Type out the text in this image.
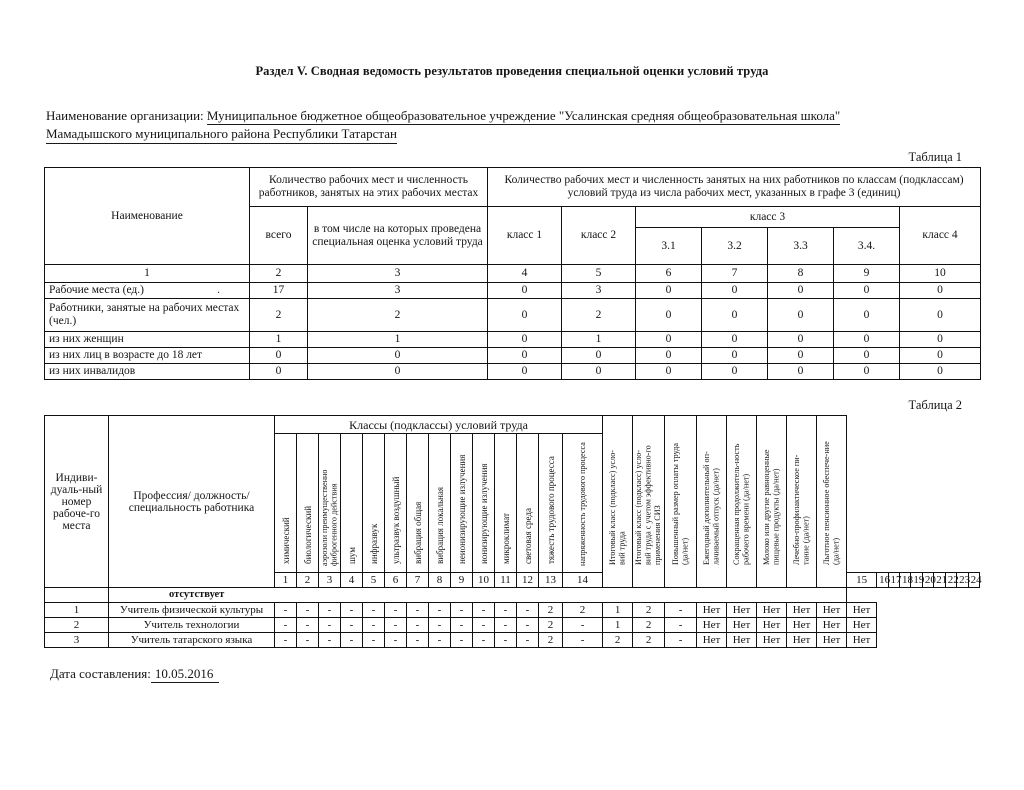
Раздел V. Сводная ведомость результатов проведения специальной оценки условий труда
Наименование организации: Муниципальное бюджетное общеобразовательное учреждение "Усалинская средняя общеобразовательная школа"
Мамадышского муниципального района Республики Татарстан
Таблица 1
Наименование	Количество рабочих мест и численность работников, занятых на этих рабочих местах		Количество рабочих мест и численность занятых на них работников по классам (подклассам) условий труда из числа рабочих мест, указанных в графе 3 (единиц)						
	всего	в том числе на которых проведена специальная оценка условий труда	класс 1	класс 2	класс 3				класс 4
					3.1	3.2	3.3	3.4.	
1	2	3	4	5	6	7	8	9	10
Рабочие места (ед.) .	17	3	0	3	0	0	0	0	0
Работники, занятые на рабочих местах (чел.)	2	2	0	2	0	0	0	0	0
из них женщин	1	1	0	1	0	0	0	0	0
из них лиц в возрасте до 18 лет	0	0	0	0	0	0	0	0	0
из них инвалидов	0	0	0	0	0	0	0	0	0
Таблица 2
Индиви-дуаль-ный номер рабоче-го места	Профессия/ должность/ специальность работника	Классы (подклассы) условий труда														Итоговый класс (подкласс) усло-вий труда	Итоговый класс (подкласс) усло-вий труда с учетом эффективно-го применения СИЗ	Повышенный размер оплаты труда (да/нет)	Ежегодный дополнительный оп-лачиваемый отпуск (да/нет)	Сокращенная продолжитель-ность рабочего времени (да/нет)	Молоко или другие равноценные пищевые продукты (да/нет)	Лечебно-профилактическое пи-тание (да/нет)	Льготное пенсионное обеспече-ние (да/нет)										

		химический	биологический	аэрозоли преимущественно фиброгенного действия	шум	инфразвук	ультразвук воздушный	вибрация общая	вибрация локальная	неионизирующие излучения	ионизирующие излучения	микроклимат	световая среда	тяжесть трудового процесса	напряженность трудового процесса																		

		1	2	3	4	5	6	7	8	9	10	11	12	13	14									15	16	17	18	19	20	21	22	23	24
	отсутствует																																
1	Учитель физической культуры	-	-	-	-	-	-	-	-	-	-	-	-	2	2	1	2	-	Нет	Нет	Нет	Нет	Нет	Нет									
2	Учитель технологии	-	-	-	-	-	-	-	-	-	-	-	-	2	-	1	2	-	Нет	Нет	Нет	Нет	Нет	Нет									
3	Учитель татарского языка	-	-	-	-	-	-	-	-	-	-	-	-	2	-	2	2	-	Нет	Нет	Нет	Нет	Нет	Нет									
Дата составления: 10.05.2016
